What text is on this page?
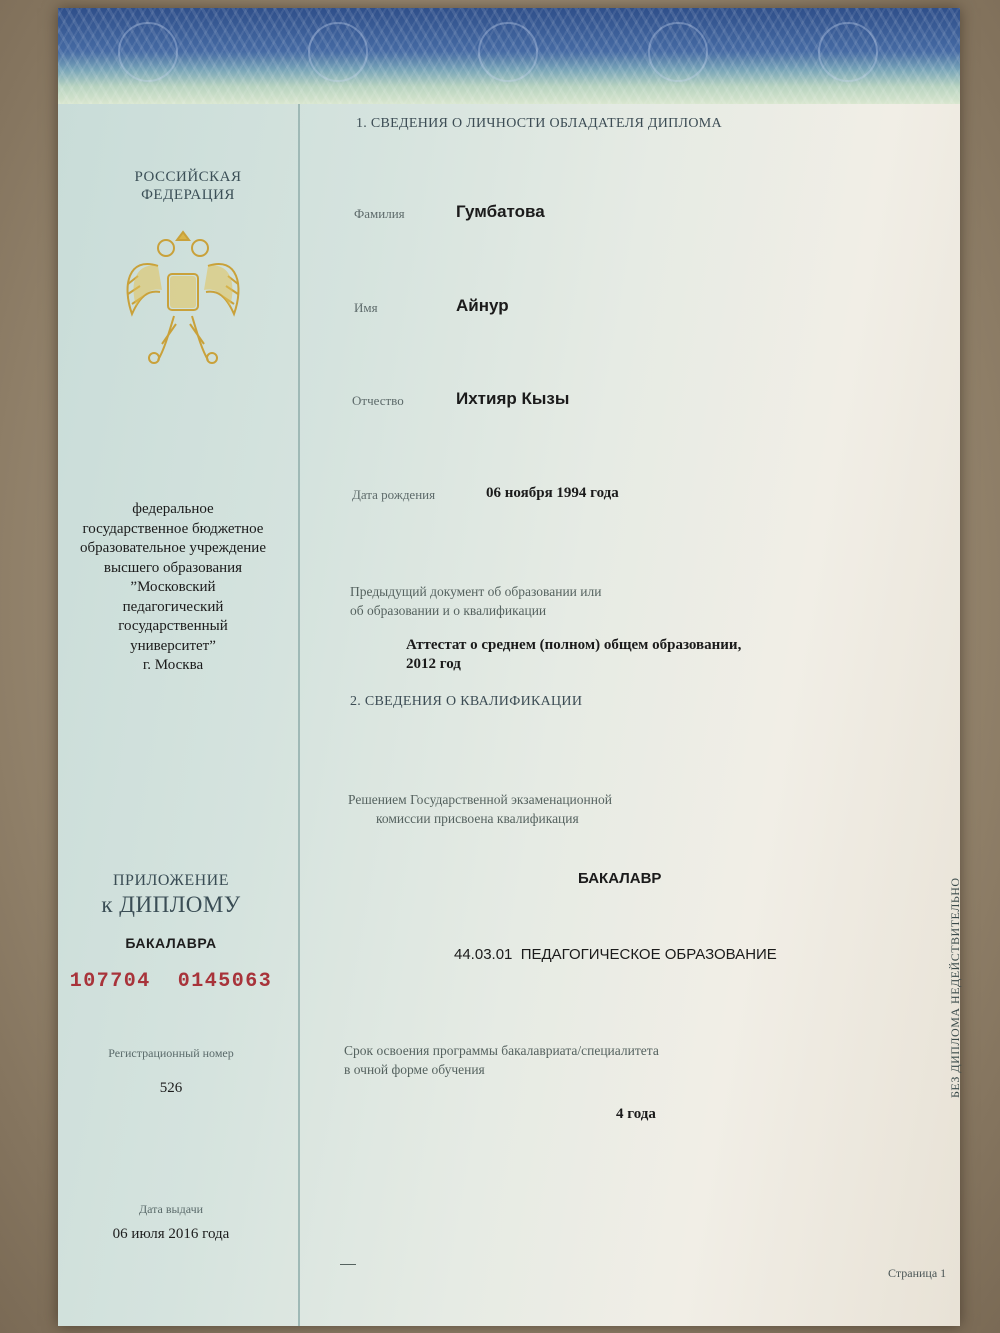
РОССИЙСКАЯ
ФЕДЕРАЦИЯ
федеральное
государственное бюджетное
образовательное учреждение
высшего образования
”Московский
педагогический
государственный
университет”
г. Москва
ПРИЛОЖЕНИЕ
к ДИПЛОМУ
БАКАЛАВРА
107704  0145063
Регистрационный номер
526
Дата выдачи
06 июля 2016 года
1. СВЕДЕНИЯ О ЛИЧНОСТИ ОБЛАДАТЕЛЯ ДИПЛОМА
Фамилия	Гумбатова
Имя	Айнур
Отчество	Ихтияр Кызы
Дата рождения	06 ноября 1994 года
Предыдущий документ об образовании или
об образовании и о квалификации
Аттестат о среднем (полном) общем образовании,
2012 год
2. СВЕДЕНИЯ О КВАЛИФИКАЦИИ
Решением Государственной экзаменационной
комиссии присвоена квалификация
БАКАЛАВР
44.03.01  ПЕДАГОГИЧЕСКОЕ ОБРАЗОВАНИЕ
Срок освоения программы бакалавриата/специалитета
в очной форме обучения
4 года
Страница 1
БЕЗ ДИПЛОМА НЕДЕЙСТВИТЕЛЬНО
